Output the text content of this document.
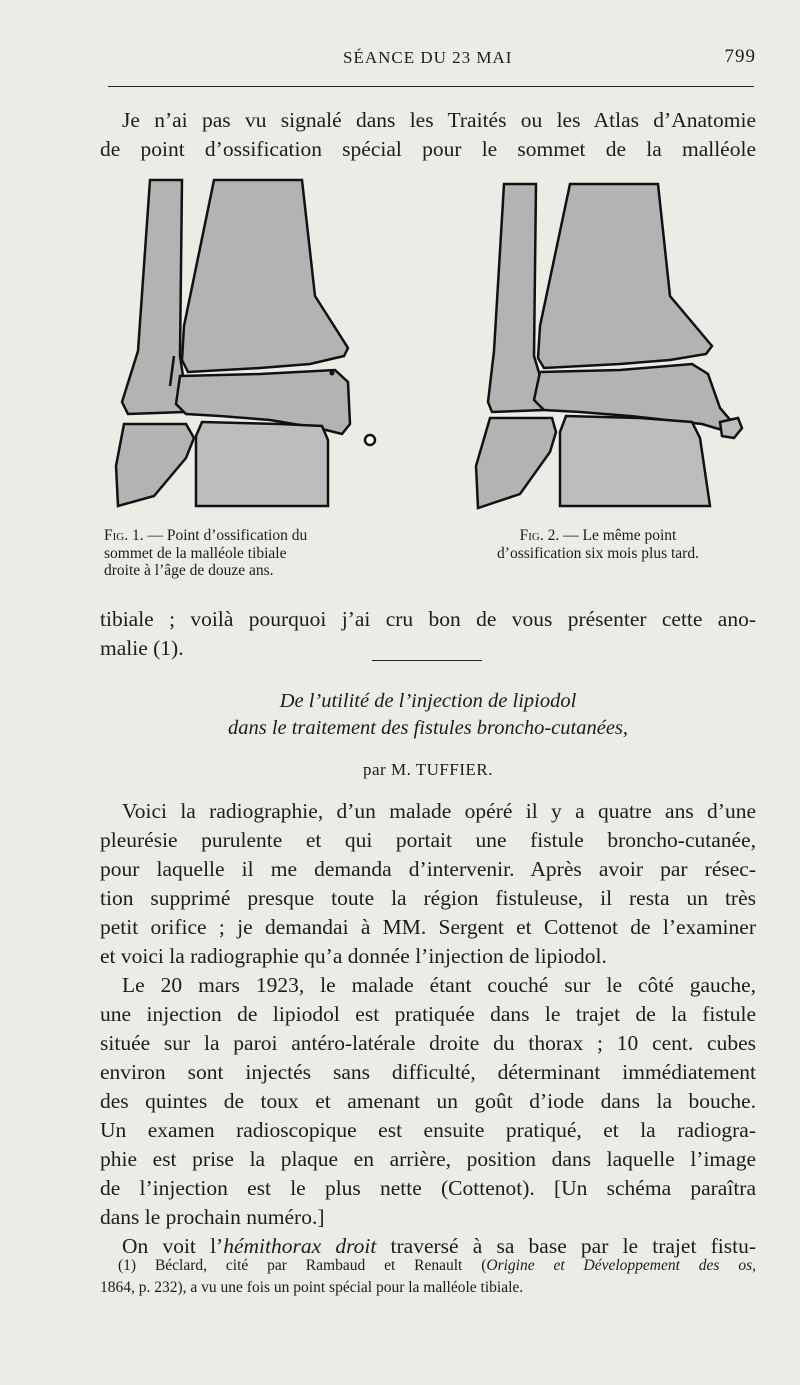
SÉANCE DU 23 MAI	799
Je n’ai pas vu signalé dans les Traités ou les Atlas d’Anatomie
de point d’ossification spécial pour le sommet de la malléole
Fig. 1. — Point d’ossification du
sommet de la malléole tibiale
droite à l’âge de douze ans.
Fig. 2. — Le même point
d’ossification six mois plus tard.
tibiale ; voilà pourquoi j’ai cru bon de vous présenter cette ano-
malie (1).
De l’utilité de l’injection de lipiodol
dans le traitement des fistules broncho-cutanées,
par M. TUFFIER.
Voici la radiographie, d’un malade opéré il y a quatre ans d’une
pleurésie purulente et qui portait une fistule broncho-cutanée,
pour laquelle il me demanda d’intervenir. Après avoir par résec-
tion supprimé presque toute la région fistuleuse, il resta un très
petit orifice ; je demandai à MM. Sergent et Cottenot de l’examiner
et voici la radiographie qu’a donnée l’injection de lipiodol.
Le 20 mars 1923, le malade étant couché sur le côté gauche,
une injection de lipiodol est pratiquée dans le trajet de la fistule
située sur la paroi antéro-latérale droite du thorax ; 10 cent. cubes
environ sont injectés sans difficulté, déterminant immédiatement
des quintes de toux et amenant un goût d’iode dans la bouche.
Un examen radioscopique est ensuite pratiqué, et la radiogra-
phie est prise la plaque en arrière, position dans laquelle l’image
de l’injection est le plus nette (Cottenot). [Un schéma paraîtra
dans le prochain numéro.]
On voit l’hémithorax droit traversé à sa base par le trajet fistu-
(1) Béclard, cité par Rambaud et Renault (Origine et Développement des os,
1864, p. 232), a vu une fois un point spécial pour la malléole tibiale.
